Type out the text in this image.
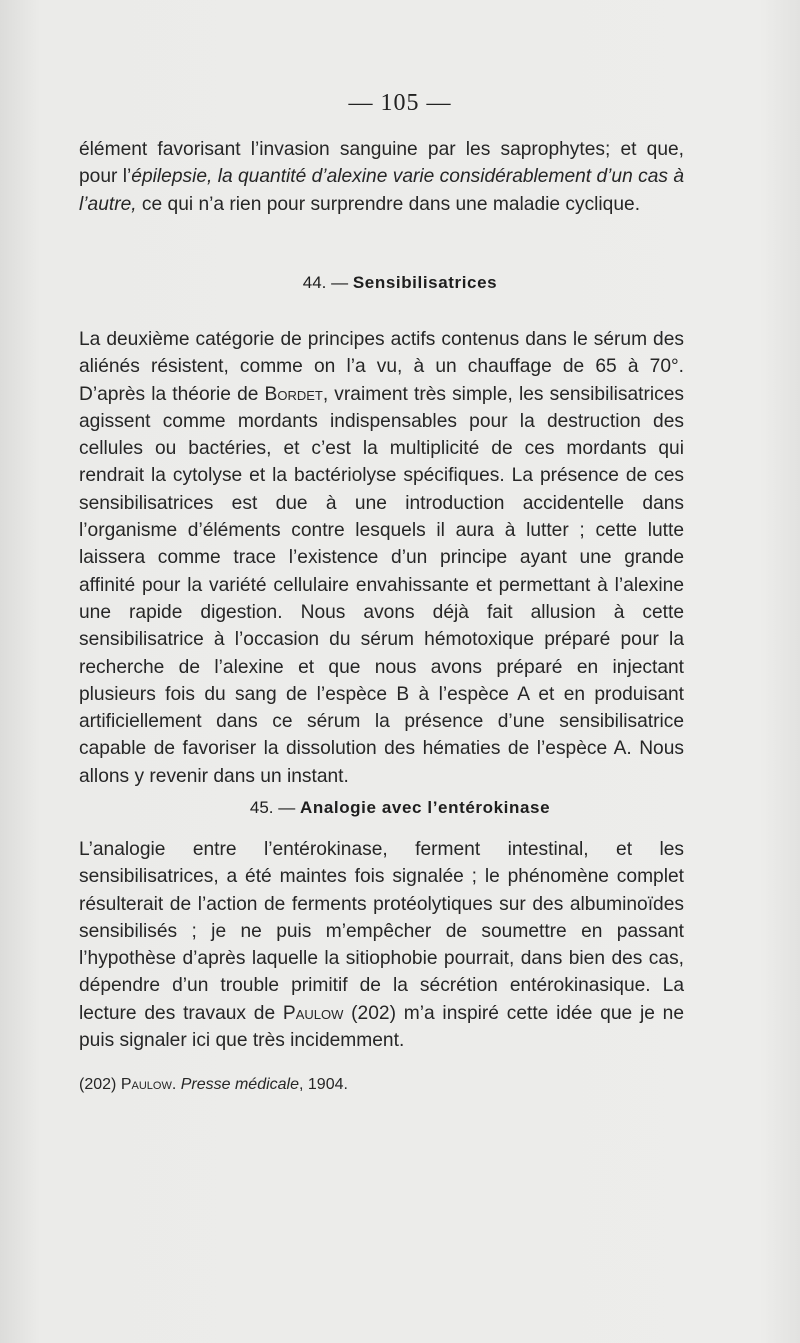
— 105 —

élément favorisant l’invasion sanguine par les saprophytes; et que, pour l’épilepsie, la quantité d’alexine varie considérablement d’un cas à l’autre, ce qui n’a rien pour surprendre dans une maladie cyclique.

44. — Sensibilisatrices

La deuxième catégorie de principes actifs contenus dans le sérum des aliénés résistent, comme on l’a vu, à un chauffage de 65 à 70°. D’après la théorie de Bordet, vraiment très simple, les sensibilisatrices agissent comme mordants indispensables pour la destruction des cellules ou bactéries, et c’est la multiplicité de ces mordants qui rendrait la cytolyse et la bactériolyse spécifiques. La présence de ces sensibilisatrices est due à une introduction accidentelle dans l’organisme d’éléments contre lesquels il aura à lutter ; cette lutte laissera comme trace l’existence d’un principe ayant une grande affinité pour la variété cellulaire envahissante et permettant à l’alexine une rapide digestion. Nous avons déjà fait allusion à cette sensibilisatrice à l’occasion du sérum hémotoxique préparé pour la recherche de l’alexine et que nous avons préparé en injectant plusieurs fois du sang de l’espèce B à l’espèce A et en produisant artificiellement dans ce sérum la présence d’une sensibilisatrice capable de favoriser la dissolution des hématies de l’espèce A. Nous allons y revenir dans un instant.

45. — Analogie avec l’entérokinase

L’analogie entre l’entérokinase, ferment intestinal, et les sensibilisatrices, a été maintes fois signalée ; le phénomène complet résulterait de l’action de ferments protéolytiques sur des albuminoïdes sensibilisés ; je ne puis m’empêcher de soumettre en passant l’hypothèse d’après laquelle la sitiophobie pourrait, dans bien des cas, dépendre d’un trouble primitif de la sécrétion entérokinasique. La lecture des travaux de Paulow (202) m’a inspiré cette idée que je ne puis signaler ici que très incidemment.

(202) Paulow. Presse médicale, 1904.
